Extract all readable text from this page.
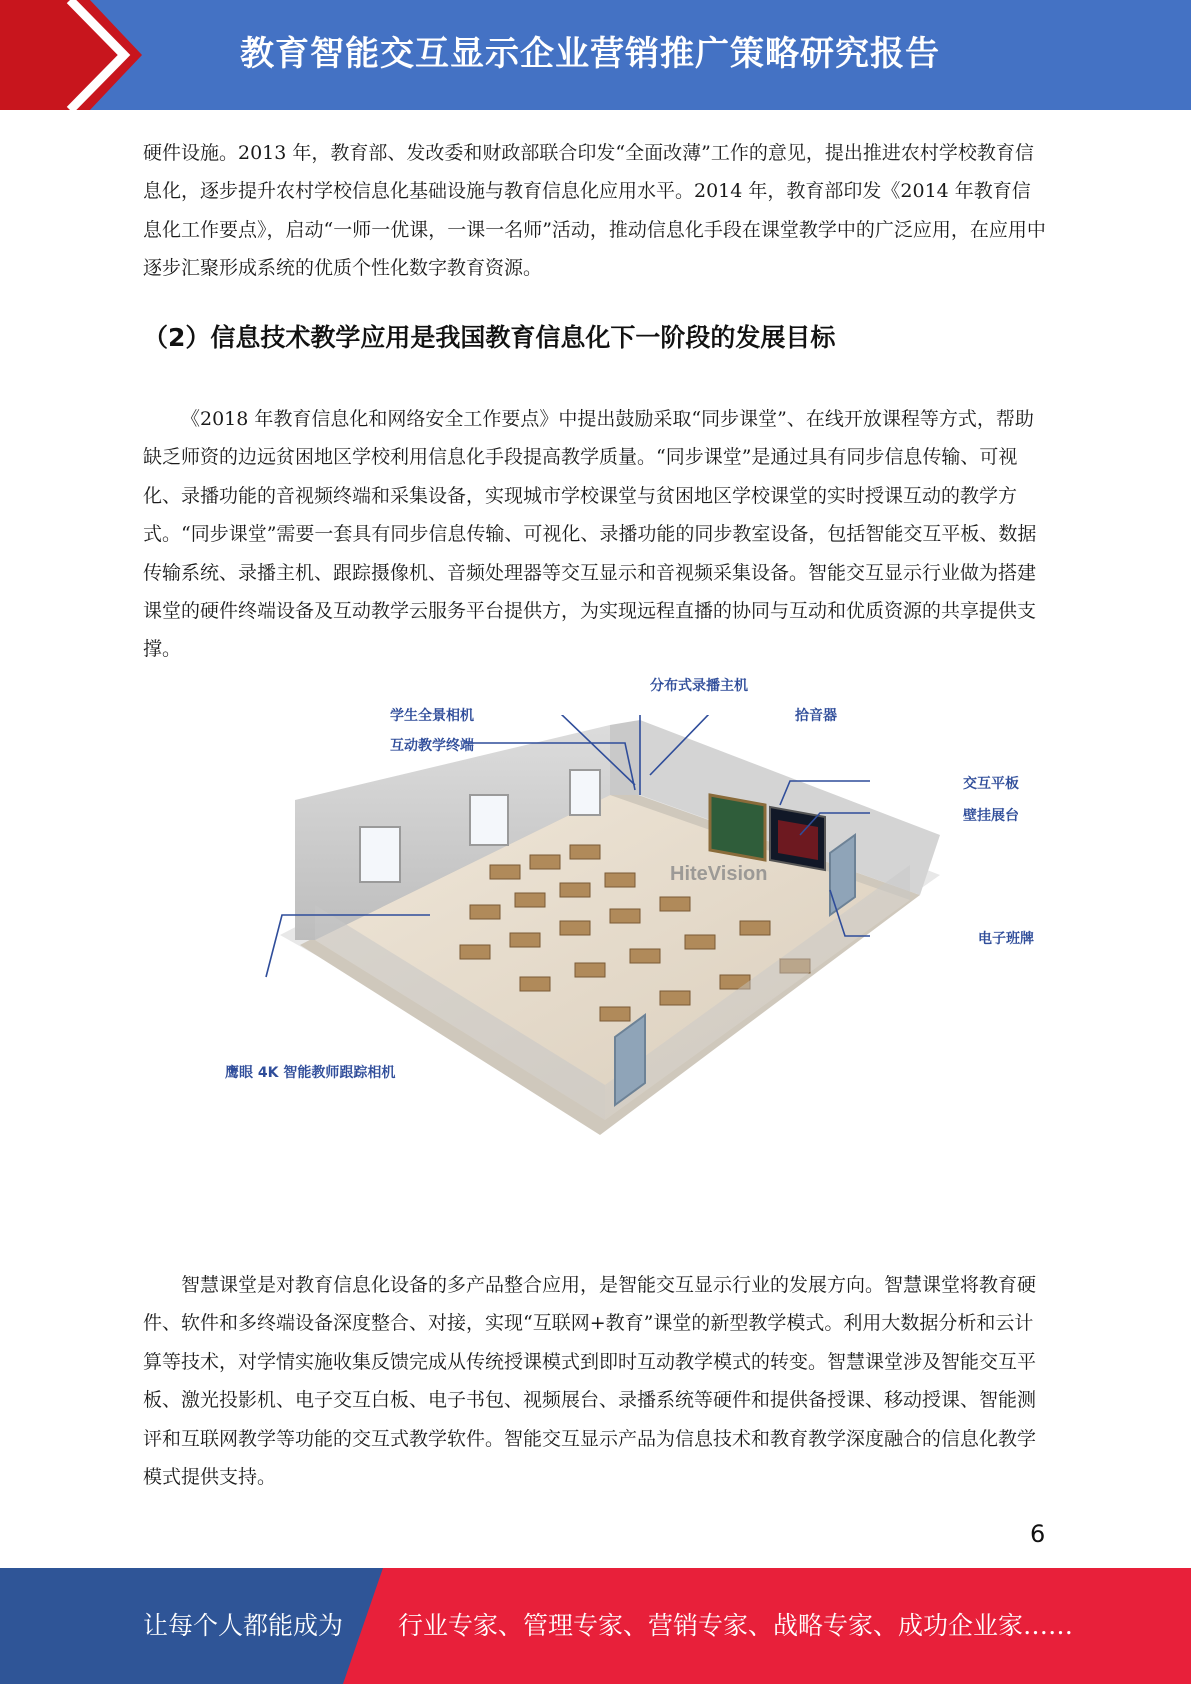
教育智能交互显示企业营销推广策略研究报告

硬件设施。2013 年，教育部、发改委和财政部联合印发“全面改薄”工作的意见，提出推进农村学校教育信息化，逐步提升农村学校信息化基础设施与教育信息化应用水平。2014 年，教育部印发《2014 年教育信息化工作要点》，启动“一师一优课，一课一名师”活动，推动信息化手段在课堂教学中的广泛应用，在应用中逐步汇聚形成系统的优质个性化数字教育资源。

（2）信息技术教学应用是我国教育信息化下一阶段的发展目标

《2018 年教育信息化和网络安全工作要点》中提出鼓励采取“同步课堂”、在线开放课程等方式，帮助缺乏师资的边远贫困地区学校利用信息化手段提高教学质量。“同步课堂”是通过具有同步信息传输、可视化、录播功能的音视频终端和采集设备，实现城市学校课堂与贫困地区学校课堂的实时授课互动的教学方式。“同步课堂”需要一套具有同步信息传输、可视化、录播功能的同步教室设备，包括智能交互平板、数据传输系统、录播主机、跟踪摄像机、音频处理器等交互显示和音视频采集设备。智能交互显示行业做为搭建课堂的硬件终端设备及互动教学云服务平台提供方，为实现远程直播的协同与互动和优质资源的共享提供支撑。

HiteVision
分布式录播主机
学生全景相机
互动教学终端
拾音器
交互平板
壁挂展台
电子班牌
鹰眼 4K 智能教师跟踪相机

智慧课堂是对教育信息化设备的多产品整合应用，是智能交互显示行业的发展方向。智慧课堂将教育硬件、软件和多终端设备深度整合、对接，实现“互联网+教育”课堂的新型教学模式。利用大数据分析和云计算等技术，对学情实施收集反馈完成从传统授课模式到即时互动教学模式的转变。智慧课堂涉及智能交互平板、激光投影机、电子交互白板、电子书包、视频展台、录播系统等硬件和提供备授课、移动授课、智能测评和互联网教学等功能的交互式教学软件。智能交互显示产品为信息技术和教育教学深度融合的信息化教学模式提供支持。

6
让每个人都能成为 行业专家、管理专家、营销专家、战略专家、成功企业家……
